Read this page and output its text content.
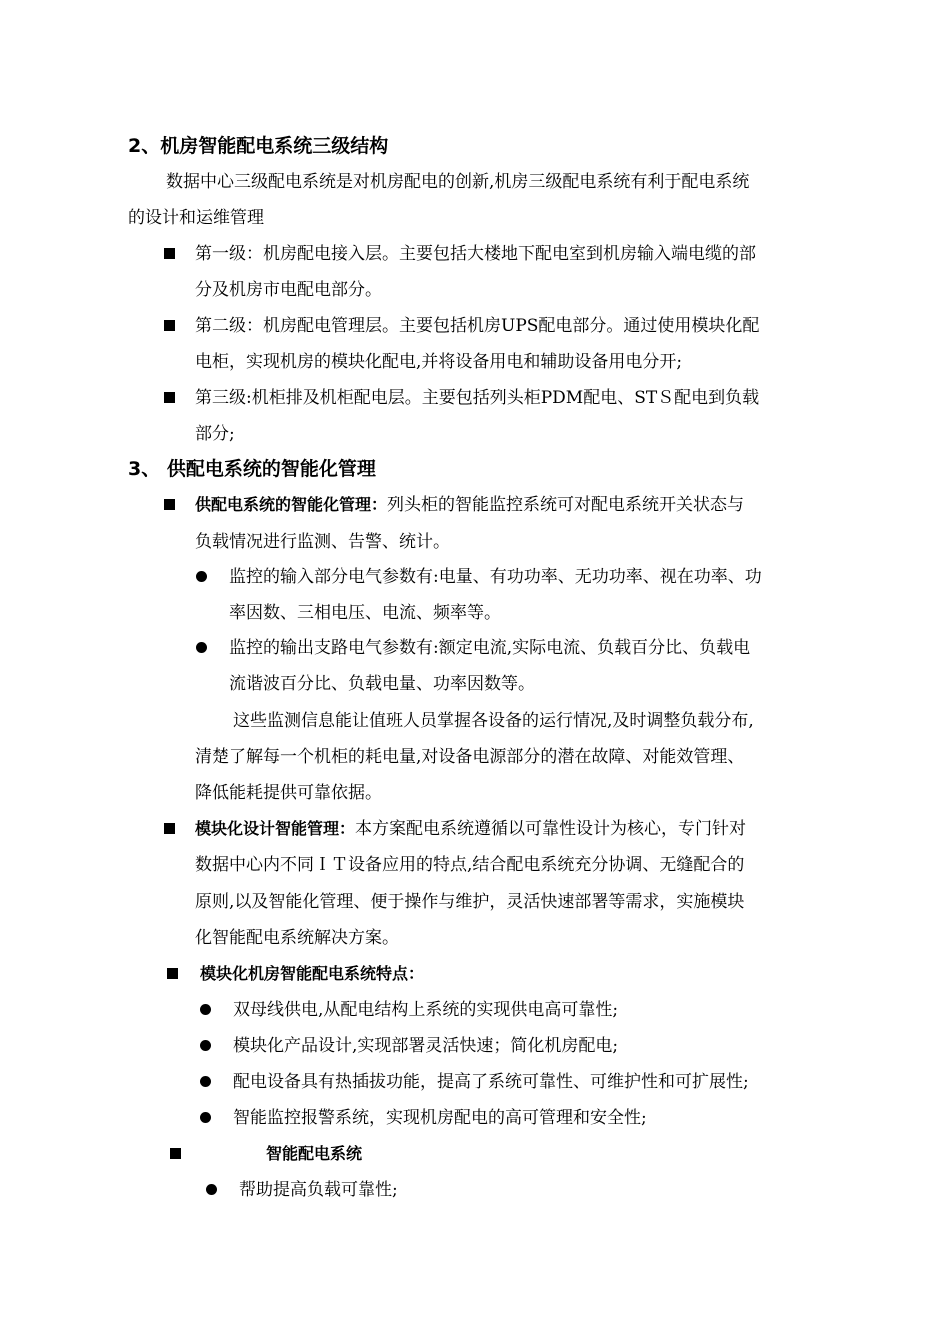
2、机房智能配电系统三级结构
数据中心三级配电系统是对机房配电的创新,机房三级配电系统有利于配电系统
的设计和运维管理
第一级：机房配电接入层。主要包括大楼地下配电室到机房输入端电缆的部
分及机房市电配电部分。
第二级：机房配电管理层。主要包括机房UPS配电部分。通过使用模块化配
电柜，实现机房的模块化配电,并将设备用电和辅助设备用电分开;
第三级:机柜排及机柜配电层。主要包括列头柜PDM配电、STＳ配电到负载
部分;
3、 供配电系统的智能化管理
供配电系统的智能化管理：列头柜的智能监控系统可对配电系统开关状态与
负载情况进行监测、告警、统计。
监控的输入部分电气参数有:电量、有功功率、无功功率、视在功率、功
率因数、三相电压、电流、频率等。
监控的输出支路电气参数有:额定电流,实际电流、负载百分比、负载电
流谐波百分比、负载电量、功率因数等。
这些监测信息能让值班人员掌握各设备的运行情况,及时调整负载分布,
清楚了解每一个机柜的耗电量,对设备电源部分的潜在故障、对能效管理、
降低能耗提供可靠依据。
模块化设计智能管理：本方案配电系统遵循以可靠性设计为核心，专门针对
数据中心内不同ＩＴ设备应用的特点,结合配电系统充分协调、无缝配合的
原则,以及智能化管理、便于操作与维护，灵活快速部署等需求，实施模块
化智能配电系统解决方案。
模块化机房智能配电系统特点：
双母线供电,从配电结构上系统的实现供电高可靠性;
模块化产品设计,实现部署灵活快速；简化机房配电;
配电设备具有热插拔功能，提高了系统可靠性、可维护性和可扩展性;
智能监控报警系统，实现机房配电的高可管理和安全性;
智能配电系统
帮助提高负载可靠性;
